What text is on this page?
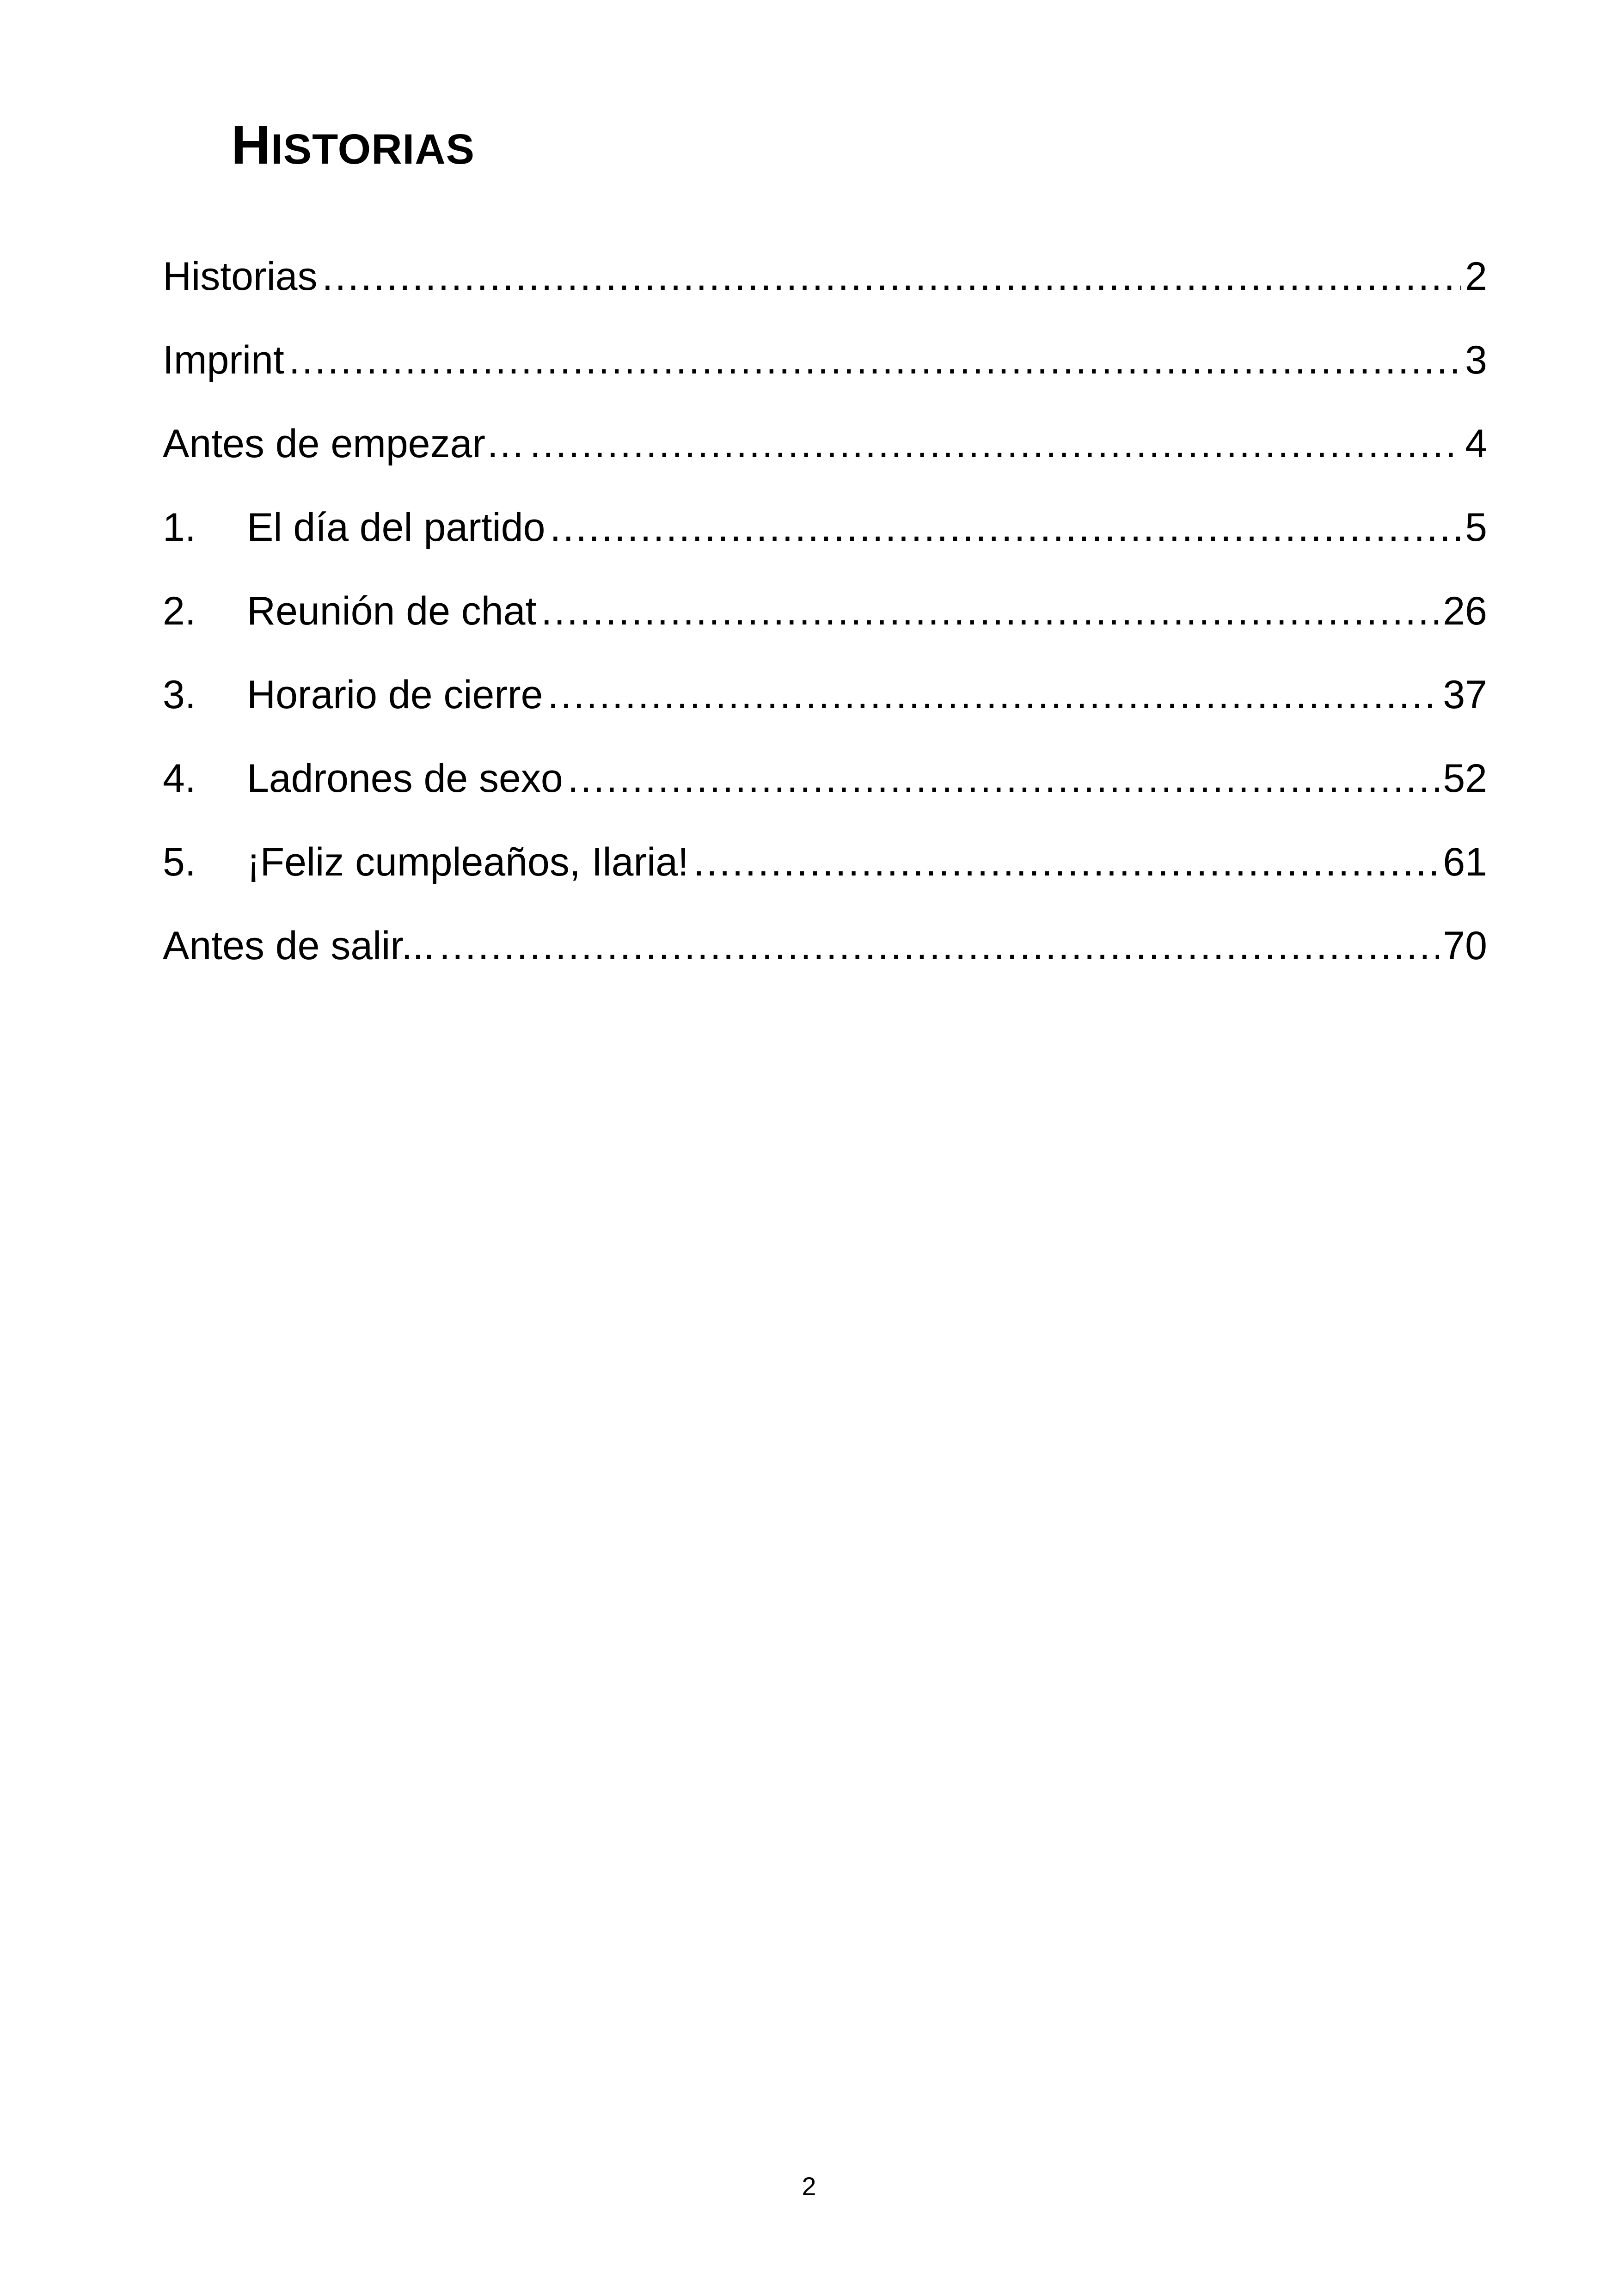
HISTORIAS
Historias .....	2
Imprint .....	3
Antes de empezar… .....	4
1.	El día del partido .....	5
2.	Reunión de chat .....	26
3.	Horario de cierre .....	37
4.	Ladrones de sexo .....	52
5.	¡Feliz cumpleaños, Ilaria! .....	61
Antes de salir... .....	70
2
